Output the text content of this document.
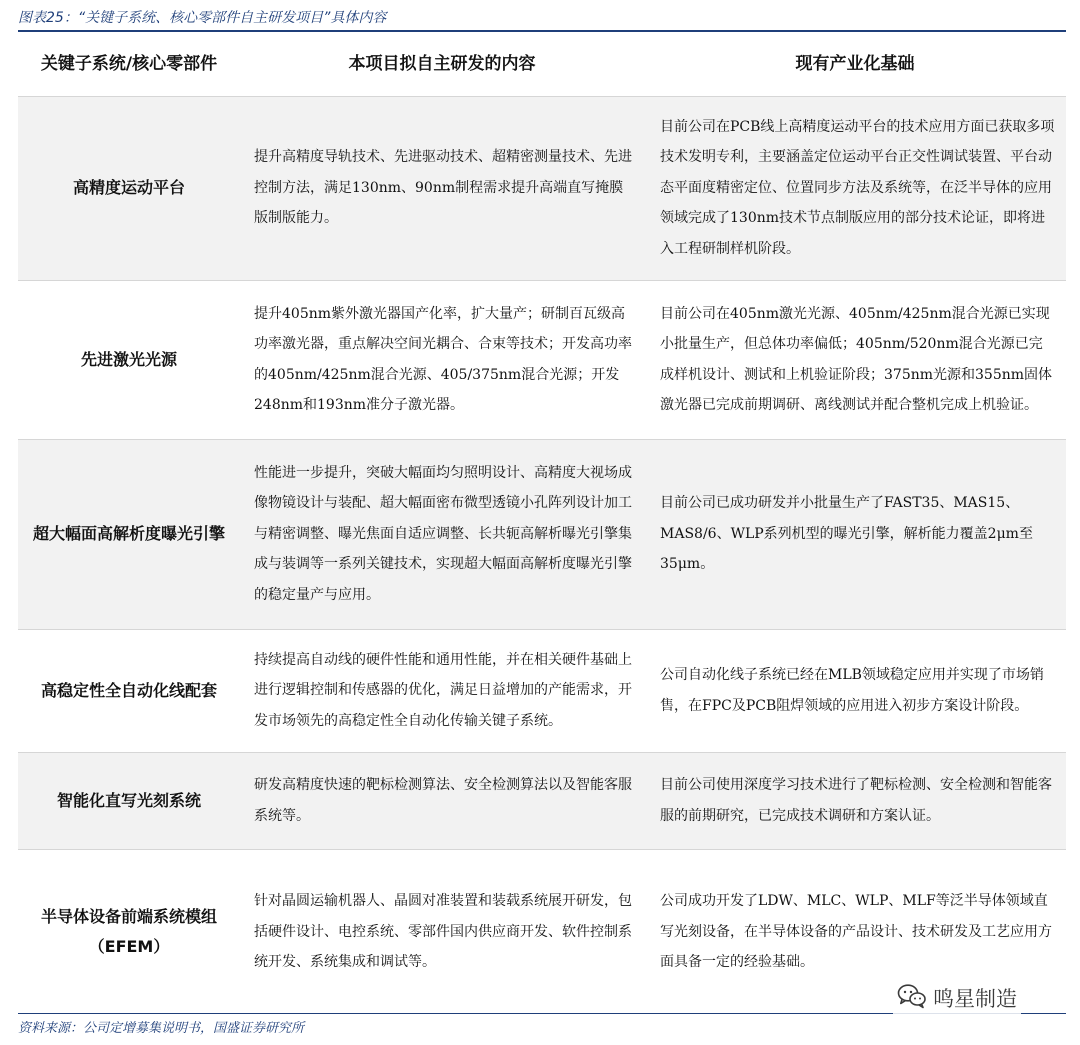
图表25：“关键子系统、核心零部件自主研发项目”具体内容
关键子系统/核心零部件	本项目拟自主研发的内容	现有产业化基础
高精度运动平台	提升高精度导轨技术、先进驱动技术、超精密测量技术、先进控制方法，满足130nm、90nm制程需求提升高端直写掩膜版制版能力。	目前公司在PCB线上高精度运动平台的技术应用方面已获取多项技术发明专利，主要涵盖定位运动平台正交性调试装置、平台动态平面度精密定位、位置同步方法及系统等，在泛半导体的应用领域完成了130nm技术节点制版应用的部分技术论证，即将进入工程研制样机阶段。
先进激光光源	提升405nm紫外激光器国产化率，扩大量产；研制百瓦级高功率激光器，重点解决空间光耦合、合束等技术；开发高功率的405nm/425nm混合光源、405/375nm混合光源；开发248nm和193nm准分子激光器。	目前公司在405nm激光光源、405nm/425nm混合光源已实现小批量生产，但总体功率偏低；405nm/520nm混合光源已完成样机设计、测试和上机验证阶段；375nm光源和355nm固体激光器已完成前期调研、离线测试并配合整机完成上机验证。
超大幅面高解析度曝光引擎	性能进一步提升，突破大幅面均匀照明设计、高精度大视场成像物镜设计与装配、超大幅面密布微型透镜小孔阵列设计加工与精密调整、曝光焦面自适应调整、长共轭高解析曝光引擎集成与装调等一系列关键技术，实现超大幅面高解析度曝光引擎的稳定量产与应用。	目前公司已成功研发并小批量生产了FAST35、MAS15、MAS8/6、WLP系列机型的曝光引擎，解析能力覆盖2μm至35μm。
高稳定性全自动化线配套	持续提高自动线的硬件性能和通用性能，并在相关硬件基础上进行逻辑控制和传感器的优化，满足日益增加的产能需求，开发市场领先的高稳定性全自动化传输关键子系统。	公司自动化线子系统已经在MLB领域稳定应用并实现了市场销售，在FPC及PCB阻焊领域的应用进入初步方案设计阶段。
智能化直写光刻系统	研发高精度快速的靶标检测算法、安全检测算法以及智能客服系统等。	目前公司使用深度学习技术进行了靶标检测、安全检测和智能客服的前期研究，已完成技术调研和方案认证。
半导体设备前端系统模组（EFEM）	针对晶圆运输机器人、晶圆对准装置和装载系统展开研发，包括硬件设计、电控系统、零部件国内供应商开发、软件控制系统开发、系统集成和调试等。	公司成功开发了LDW、MLC、WLP、MLF等泛半导体领域直写光刻设备，在半导体设备的产品设计、技术研发及工艺应用方面具备一定的经验基础。
资料来源：公司定增募集说明书，国盛证券研究所
鸣星制造
